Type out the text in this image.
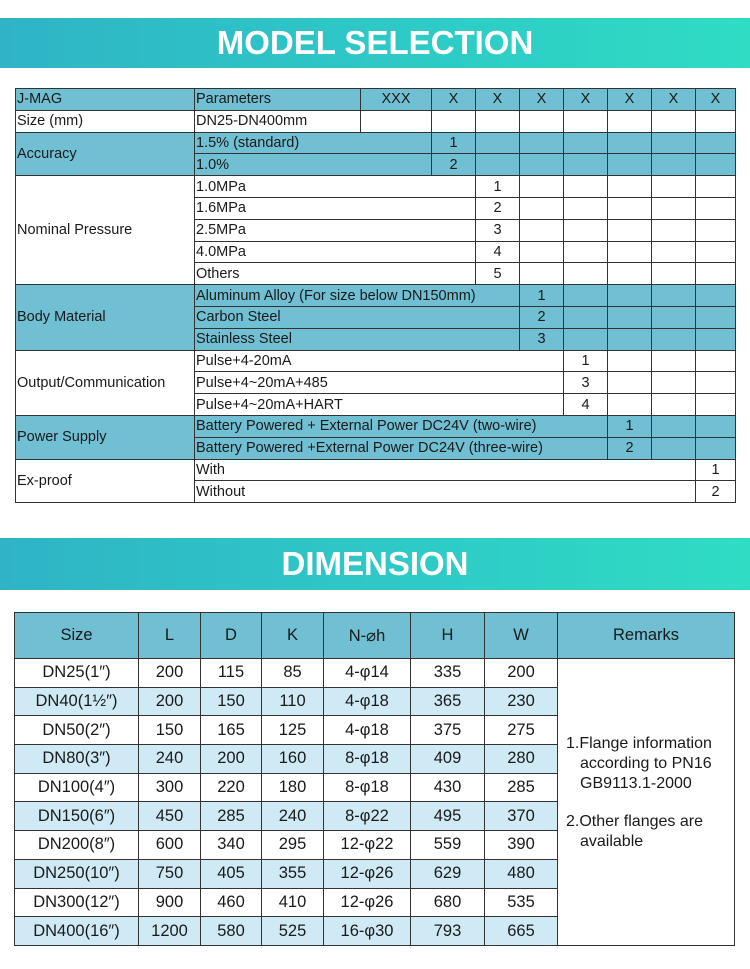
MODEL SELECTION
J-MAG	Parameters	XXX	X	X	X	X	X	X	X
Size (mm)	DN25-DN400mm								
Accuracy	1.5% (standard)		1						
	1.0%		2						
Nominal Pressure	1.0MPa			1					
	1.6MPa			2					
	2.5MPa			3					
	4.0MPa			4					
	Others			5					
Body Material	Aluminum Alloy (For size below DN150mm)				1				
	Carbon Steel				2				
	Stainless Steel				3				
Output/Communication	Pulse+4-20mA					1			
	Pulse+4~20mA+485					3			
	Pulse+4~20mA+HART					4			
Power Supply	Battery Powered + External Power DC24V (two-wire)						1		
	Battery Powered +External Power DC24V (three-wire)						2		
Ex-proof	With								1
	Without								2
DIMENSION
Size	L	D	K	N-⌀h	H	W	Remarks
DN25(1″)	200	115	85	4-φ14	335	200	1.Flange information
according to PN16
GB9113.1-2000

2.Other flanges are
available

DN40(1½″)	200	150	110	4-φ18	365	230	
DN50(2″)	150	165	125	4-φ18	375	275	
DN80(3″)	240	200	160	8-φ18	409	280	
DN100(4″)	300	220	180	8-φ18	430	285	
DN150(6″)	450	285	240	8-φ22	495	370	
DN200(8″)	600	340	295	12-φ22	559	390	
DN250(10″)	750	405	355	12-φ26	629	480	
DN300(12″)	900	460	410	12-φ26	680	535	
DN400(16″)	1200	580	525	16-φ30	793	665	
